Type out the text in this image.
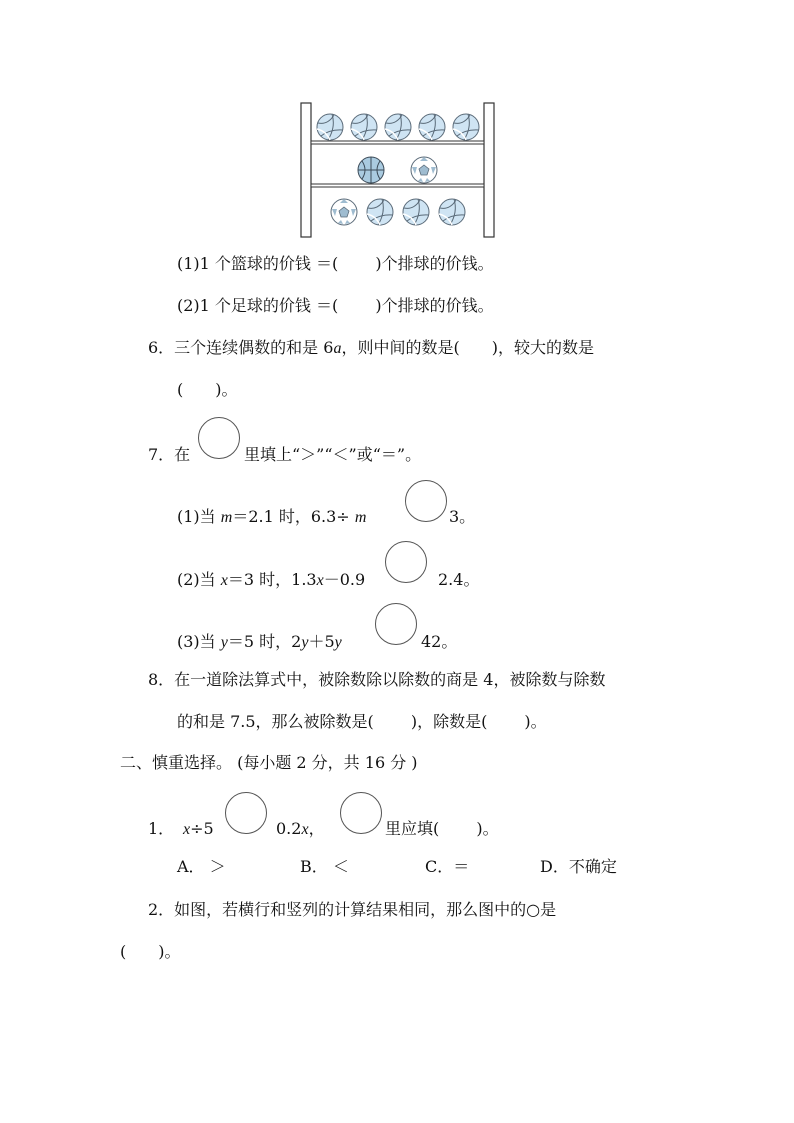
(1)1 个篮球的价钱 ＝(　　 )个排球的价钱。
(2)1 个足球的价钱 ＝(　　 )个排球的价钱。
6．三个连续偶数的和是 6a，则中间的数是(　　)，较大的数是
(　　)。
7．在	里填上“＞”“＜”或“＝”。
(1)当 m＝2.1 时，6.3÷ m	3。
(2)当 x＝3 时，1.3x－0.9	2.4。
(3)当 y＝5 时，2y＋5y	42。
8．在一道除法算式中，被除数除以除数的商是 4，被除数与除数
的和是 7.5，那么被除数是(　　 )，除数是(　　 )。
二、慎重选择。 (每小题 2 分，共 16 分 )
1． x÷5	0.2x，	里应填(　　 )。
A． ＞	B． ＜	C．＝	D．不确定
2．如图，若横行和竖列的计算结果相同，那么图中的○是
(　　)。
